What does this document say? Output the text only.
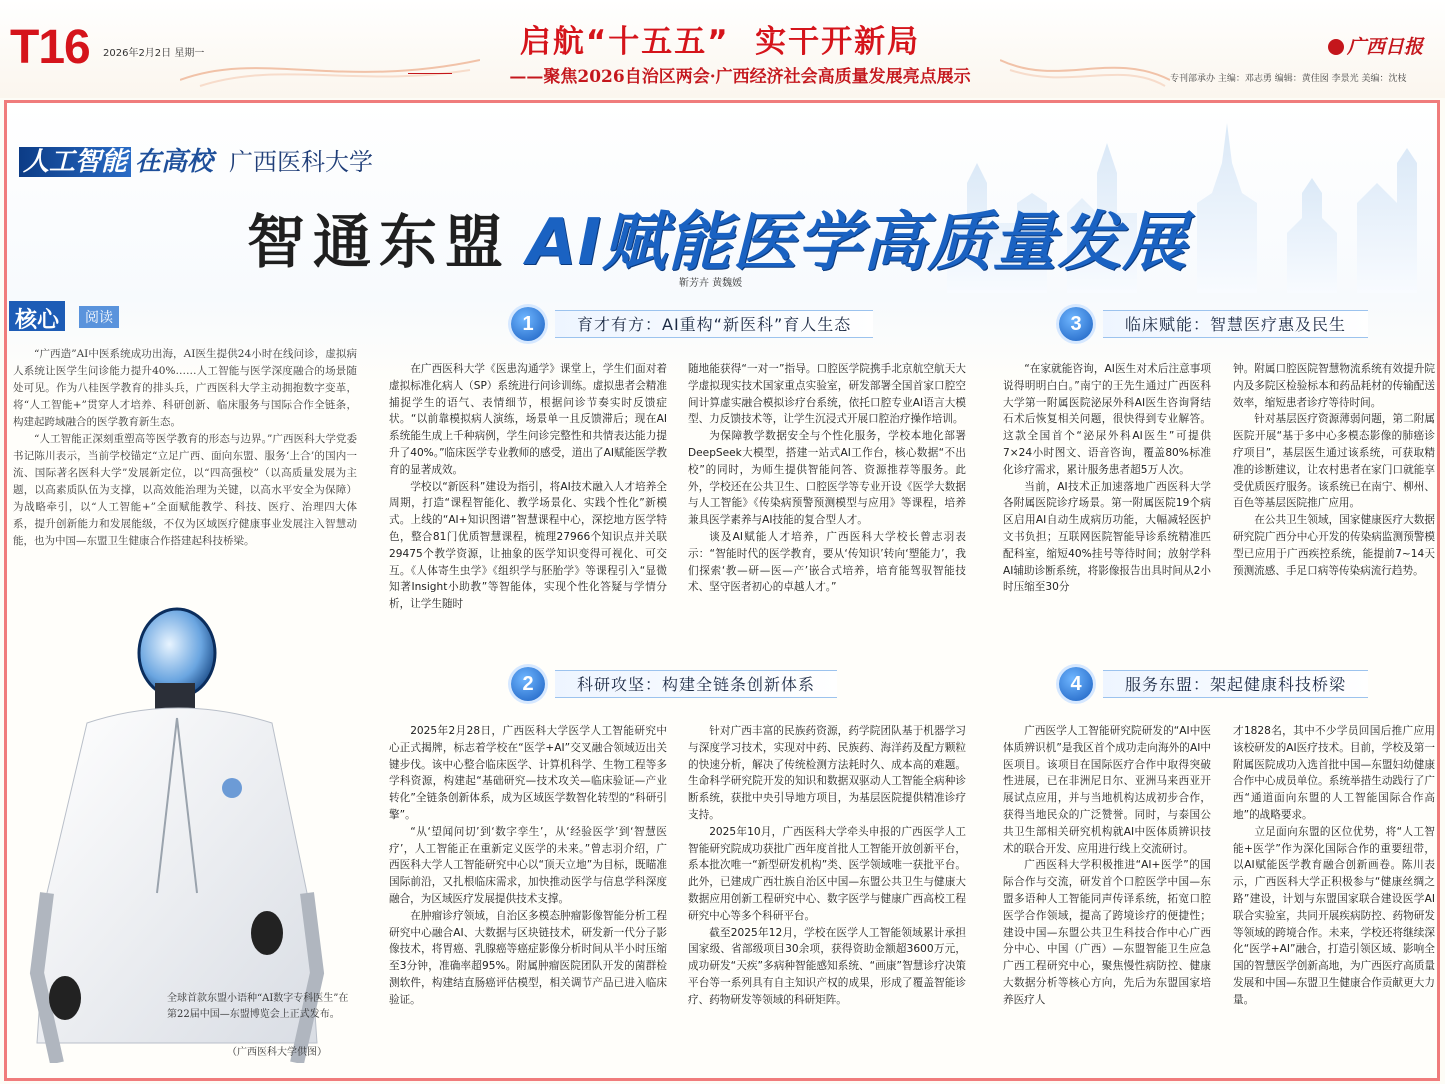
T16 2026年2月2日 星期一	启航“十五五”  实干开新局
——聚焦2026自治区两会·广西经济社会高质量发展亮点展示
广西日报
专刊部承办 主编：邓志勇 编辑：黄佳囡 李景光 美编：沈枝
人工智能 在高校 广西医科大学
智通东盟 AI赋能医学高质量发展
靳芳卉 黄魏媛
核心	阅读

“广西造”AI中医系统成功出海，AI医生提供24小时在线问诊，虚拟病人系统让医学生问诊能力提升40%……人工智能与医学深度融合的场景随处可见。作为八桂医学教育的排头兵，广西医科大学主动拥抱数字变革，将“人工智能+”贯穿人才培养、科研创新、临床服务与国际合作全链条，构建起跨域融合的医学教育新生态。

“人工智能正深刻重塑高等医学教育的形态与边界。”广西医科大学党委书记陈川表示，当前学校锚定“立足广西、面向东盟、服务‘上合’的国内一流、国际著名医科大学”发展新定位，以“四高强校”（以高质量发展为主题，以高素质队伍为支撑，以高效能治理为关键，以高水平安全为保障）为战略牵引，以“人工智能+”全面赋能教学、科技、医疗、治理四大体系，提升创新能力和发展能级，不仅为区域医疗健康事业发展注入智慧动能，也为中国—东盟卫生健康合作搭建起科技桥梁。

全球首款东盟小语种“AI数字专科医生”在第22届中国—东盟博览会上正式发布。
（广西医科大学供图）
1	育才有方：AI重构“新医科”育人生态

在广西医科大学《医患沟通学》课堂上，学生们面对着虚拟标准化病人（SP）系统进行问诊训练。虚拟患者会精准捕捉学生的语气、表情细节，根据问诊节奏实时反馈症状。“以前靠模拟病人演练，场景单一且反馈滞后；现在AI系统能生成上千种病例，学生问诊完整性和共情表达能力提升了40%。”临床医学专业教师的感受，道出了AI赋能医学教育的显著成效。

学校以“新医科”建设为指引，将AI技术融入人才培养全周期，打造“课程智能化、教学场景化、实践个性化”新模式。上线的“AI+知识图谱”智慧课程中心，深挖地方医学特色，整合81门优质智慧课程，梳理27966个知识点并关联29475个教学资源，让抽象的医学知识变得可视化、可交互。《人体寄生虫学》《组织学与胚胎学》等课程引入“显微知著Insight小助教”等智能体，实现个性化答疑与学情分析，让学生随时

随地能获得“一对一”指导。口腔医学院携手北京航空航天大学虚拟现实技术国家重点实验室，研发部署全国首家口腔空间计算虚实融合模拟诊疗台系统，依托口腔专业AI语言大模型、力反馈技术等，让学生沉浸式开展口腔治疗操作培训。

为保障教学数据安全与个性化服务，学校本地化部署DeepSeek大模型，搭建一站式AI工作台，核心数据“不出校”的同时，为师生提供智能问答、资源推荐等服务。此外，学校还在公共卫生、口腔医学等专业开设《医学大数据与人工智能》《传染病预警预测模型与应用》等课程，培养兼具医学素养与AI技能的复合型人才。

谈及AI赋能人才培养，广西医科大学校长曾志羽表示：“智能时代的医学教育，要从‘传知识’转向‘塑能力’，我们探索‘教—研—医—产’嵌合式培养，培育能驾驭智能技术、坚守医者初心的卓越人才。”

3	临床赋能：智慧医疗惠及民生

“在家就能咨询，AI医生对术后注意事项说得明明白白。”南宁的王先生通过广西医科大学第一附属医院泌尿外科AI医生咨询肾结石术后恢复相关问题，很快得到专业解答。这款全国首个“泌尿外科AI医生”可提供7×24小时图文、语音咨询，覆盖80%标准化诊疗需求，累计服务患者超5万人次。

当前，AI技术正加速落地广西医科大学各附属医院诊疗场景。第一附属医院19个病区启用AI自动生成病历功能，大幅减轻医护文书负担；互联网医院智能导诊系统精准匹配科室，缩短40%挂号等待时间；放射学科AI辅助诊断系统，将影像报告出具时间从2小时压缩至30分

钟。附属口腔医院智慧物流系统有效提升院内及多院区检验标本和药品耗材的传输配送效率，缩短患者诊疗等待时间。

针对基层医疗资源薄弱问题，第二附属医院开展“基于多中心多模态影像的肺癌诊疗项目”，基层医生通过该系统，可获取精准的诊断建议，让农村患者在家门口就能享受优质医疗服务。该系统已在南宁、柳州、百色等基层医院推广应用。

在公共卫生领域，国家健康医疗大数据研究院广西分中心开发的传染病监测预警模型已应用于广西疾控系统，能提前7~14天预测流感、手足口病等传染病流行趋势。

2	科研攻坚：构建全链条创新体系

2025年2月28日，广西医科大学医学人工智能研究中心正式揭牌，标志着学校在“医学+AI”交叉融合领域迈出关键步伐。该中心整合临床医学、计算机科学、生物工程等多学科资源，构建起“基础研究—技术攻关—临床验证—产业转化”全链条创新体系，成为区域医学数智化转型的“科研引擎”。

“从‘望闻问切’到‘数字孪生’，从‘经验医学’到‘智慧医疗’，人工智能正在重新定义医学的未来。”曾志羽介绍，广西医科大学人工智能研究中心以“顶天立地”为目标，既瞄准国际前沿，又扎根临床需求，加快推动医学与信息学科深度融合，为区域医疗发展提供技术支撑。

在肿瘤诊疗领域，自治区多模态肿瘤影像智能分析工程研究中心融合AI、大数据与区块链技术，研发新一代分子影像技术，将胃癌、乳腺癌等癌症影像分析时间从半小时压缩至3分钟，准确率超95%。附属肿瘤医院团队开发的菌群检测软件，构建结直肠癌评估模型，相关调节产品已进入临床验证。

针对广西丰富的民族药资源，药学院团队基于机器学习与深度学习技术，实现对中药、民族药、海洋药及配方颗粒的快速分析，解决了传统检测方法耗时久、成本高的难题。生命科学研究院开发的知识和数据双驱动人工智能全病种诊断系统，获批中央引导地方项目，为基层医院提供精准诊疗支持。

2025年10月，广西医科大学牵头申报的广西医学人工智能研究院成功获批广西年度首批人工智能开放创新平台，系本批次唯一“新型研发机构”类、医学领域唯一获批平台。此外，已建成广西壮族自治区中国—东盟公共卫生与健康大数据应用创新工程研究中心、数字医学与健康广西高校工程研究中心等多个科研平台。

截至2025年12月，学校在医学人工智能领域累计承担国家级、省部级项目30余项，获得资助金额超3600万元，成功研发“天疾”多病种智能感知系统、“画康”智慧诊疗决策平台等一系列具有自主知识产权的成果，形成了覆盖智能诊疗、药物研发等领域的科研矩阵。

4	服务东盟：架起健康科技桥梁

广西医学人工智能研究院研发的“AI中医体质辨识机”是我区首个成功走向海外的AI中医项目。该项目在国际医疗合作中取得突破性进展，已在非洲尼日尔、亚洲马来西亚开展试点应用，并与当地机构达成初步合作，获得当地民众的广泛赞誉。同时，与泰国公共卫生部相关研究机构就AI中医体质辨识技术的联合开发、应用进行线上交流研讨。

广西医科大学积极推进“AI+医学”的国际合作与交流，研发首个口腔医学中国—东盟多语种人工智能同声传译系统，拓宽口腔医学合作领域，提高了跨境诊疗的便捷性；建设中国—东盟公共卫生科技合作中心广西分中心、中国（广西）—东盟智能卫生应急广西工程研究中心，聚焦慢性病防控、健康大数据分析等核心方向，先后为东盟国家培养医疗人

才1828名，其中不少学员回国后推广应用该校研发的AI医疗技术。目前，学校及第一附属医院成功入选首批中国—东盟妇幼健康合作中心成员单位。系统举措生动践行了广西“通道面向东盟的人工智能国际合作高地”的战略要求。

立足面向东盟的区位优势，将“人工智能+医学”作为深化国际合作的重要纽带，以AI赋能医学教育融合创新画卷。陈川表示，广西医科大学正积极参与“健康丝绸之路”建设，计划与东盟国家联合建设医学AI联合实验室，共同开展疾病防控、药物研发等领域的跨境合作。未来，学校还将继续深化“医学+AI”融合，打造引领区域、影响全国的智慧医学创新高地，为广西医疗高质量发展和中国—东盟卫生健康合作贡献更大力量。
